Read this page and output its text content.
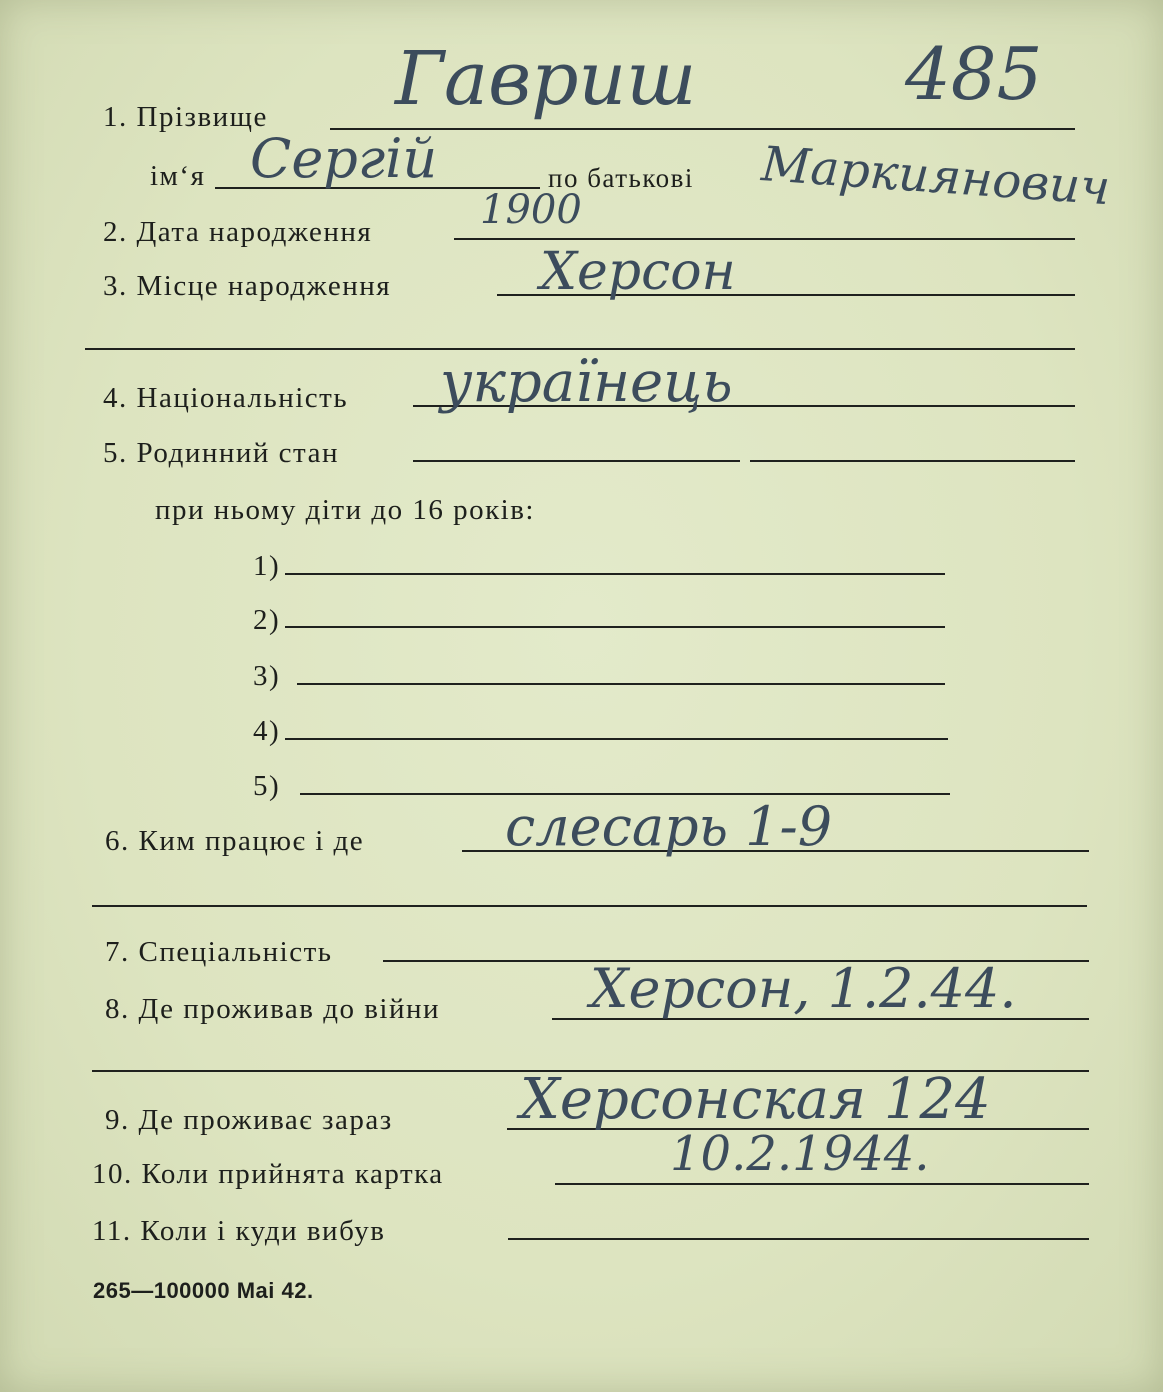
1. Прізвище Гавриш	485
ім‘я Сергій	по батькові Маркиянович
2. Дата народження	1900
3. Місце народження	Херсон
4. Національність українець
5. Родинний стан
при ньому діти до 16 років:
1)
2)
3)
4)
5)
6. Ким працює і де	слесарь 1-9
7. Спеціальність
8. Де проживав до війни	Херсон, 1.2.44.
9. Де проживає зараз Херсонская 124
10. Коли прийнята картка	10.2.1944.
11. Коли і куди вибув
265—100000 Mai 42.
